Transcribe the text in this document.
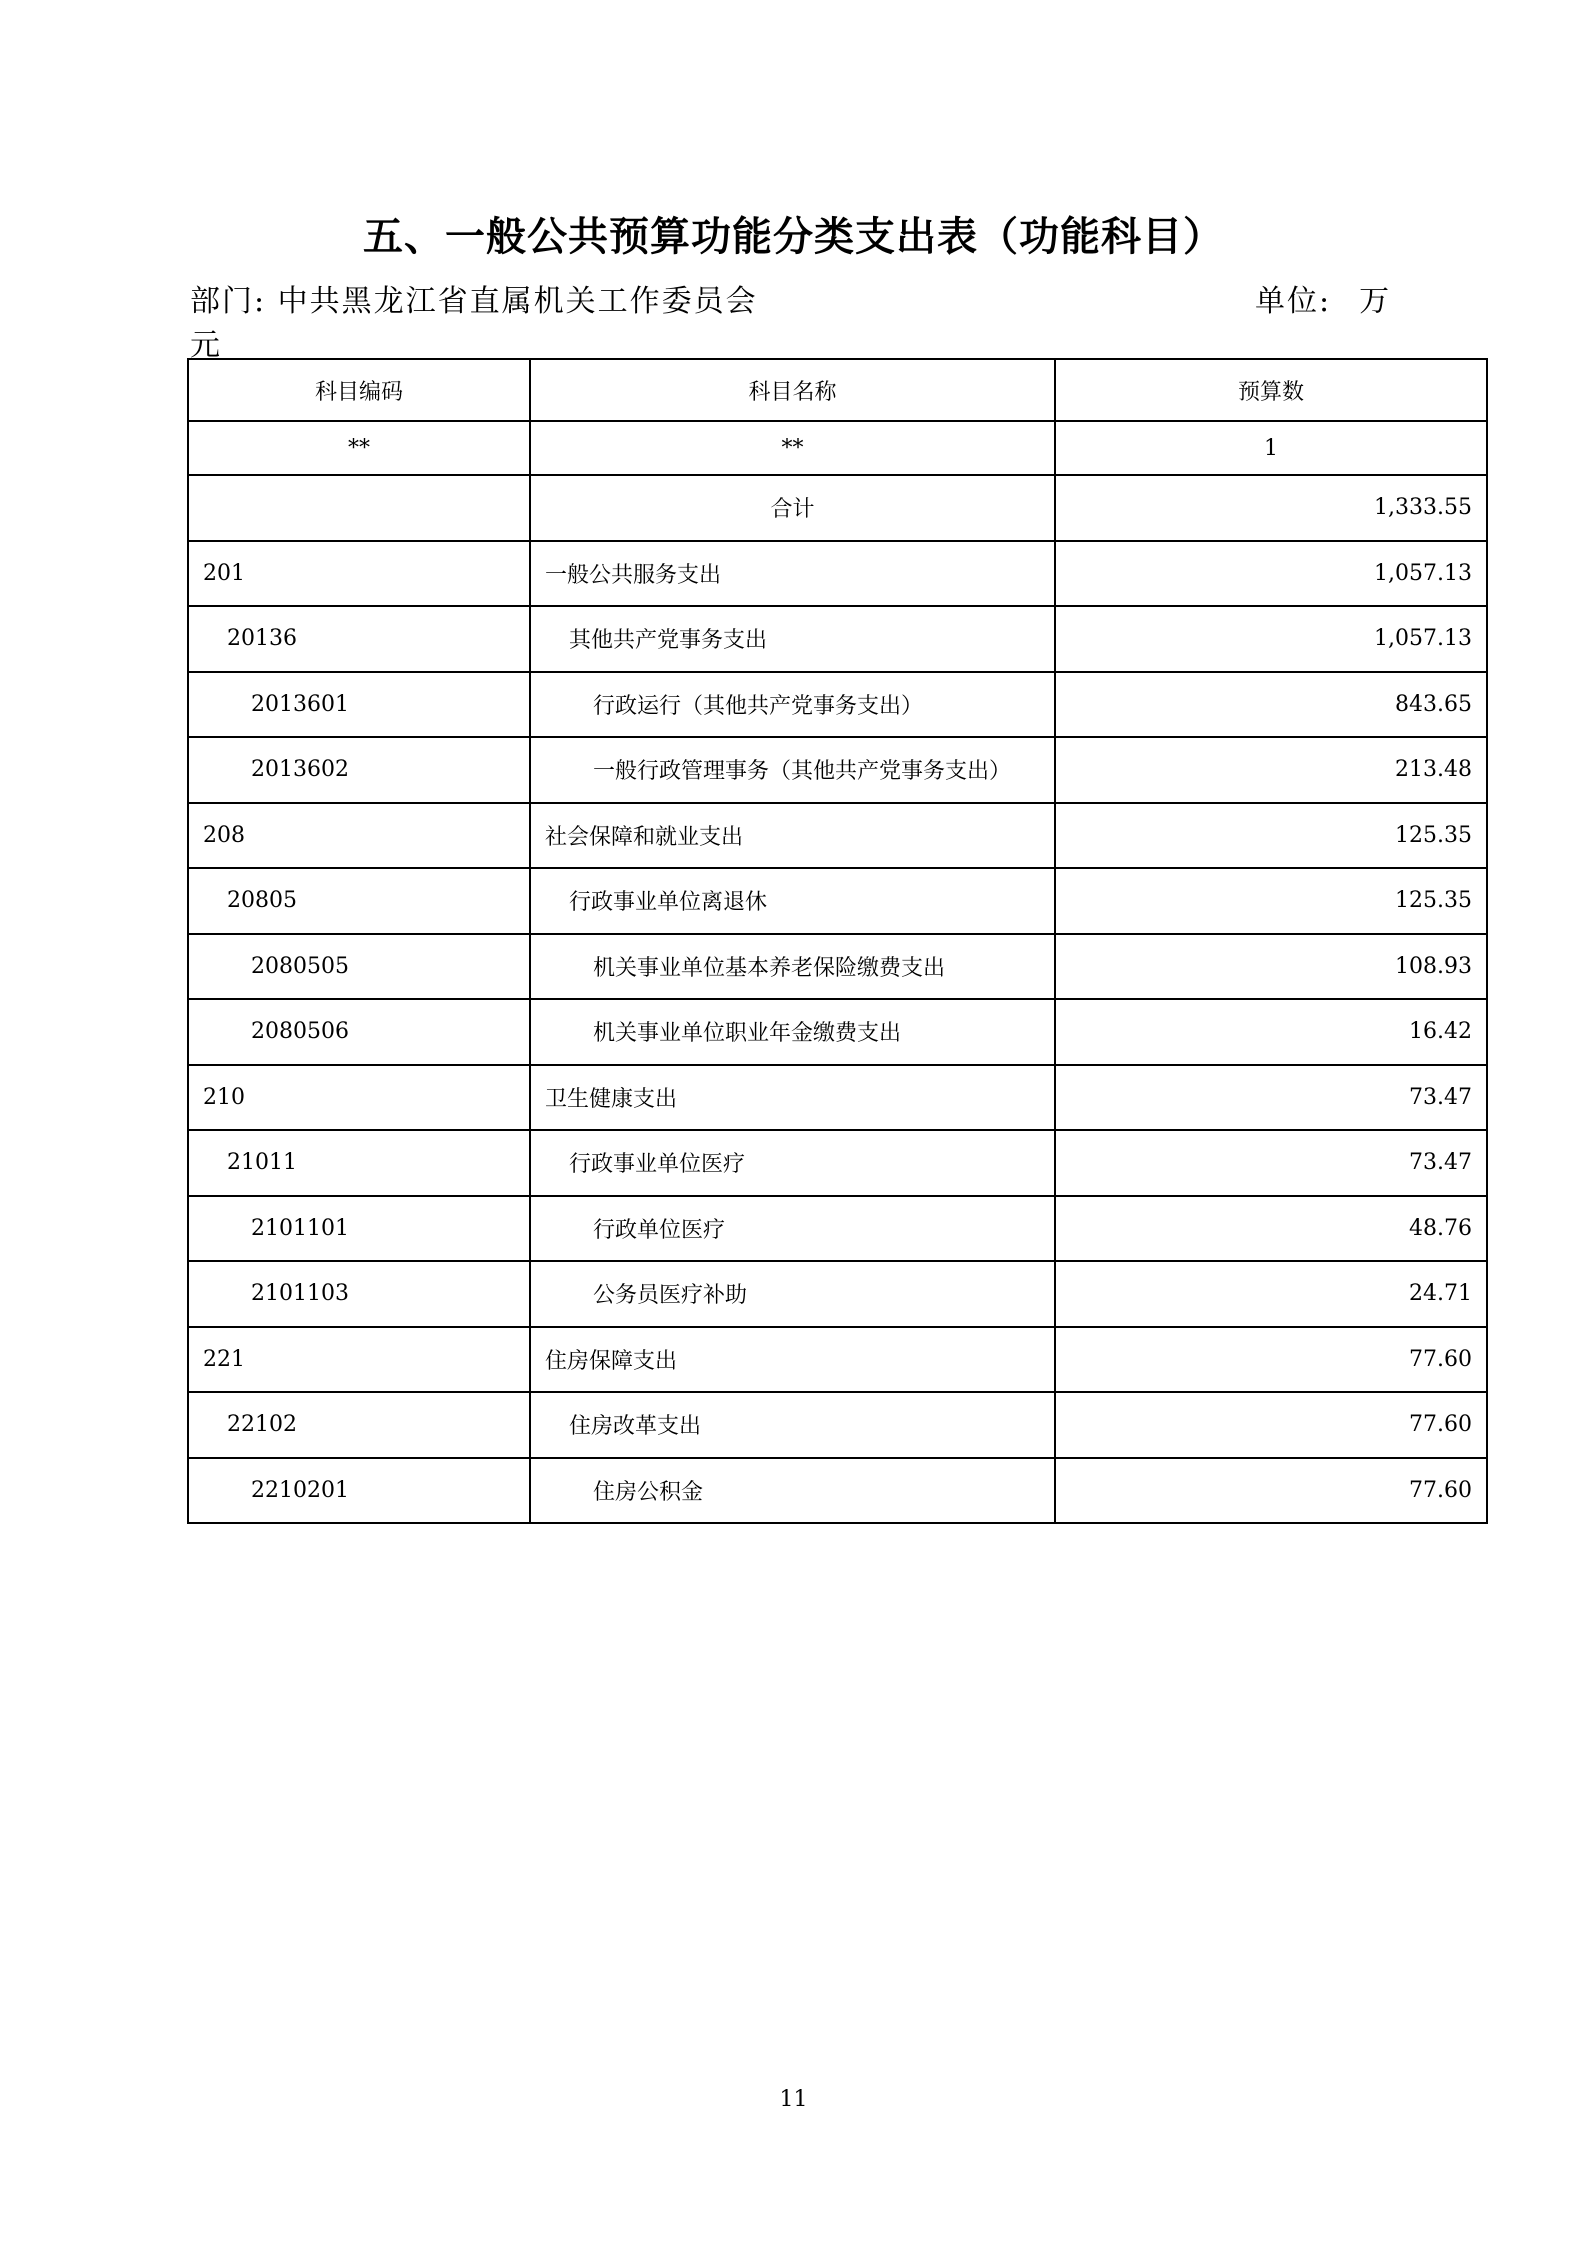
五、一般公共预算功能分类支出表（功能科目）
部门: 中共黑龙江省直属机关工作委员会	单位: 万
元
科目编码	科目名称	预算数
**	**	1
	合计	1,333.55
201	一般公共服务支出	1,057.13
20136	其他共产党事务支出	1,057.13
2013601	行政运行（其他共产党事务支出）	843.65
2013602	一般行政管理事务（其他共产党事务支出）	213.48
208	社会保障和就业支出	125.35
20805	行政事业单位离退休	125.35
2080505	机关事业单位基本养老保险缴费支出	108.93
2080506	机关事业单位职业年金缴费支出	16.42
210	卫生健康支出	73.47
21011	行政事业单位医疗	73.47
2101101	行政单位医疗	48.76
2101103	公务员医疗补助	24.71
221	住房保障支出	77.60
22102	住房改革支出	77.60
2210201	住房公积金	77.60
11
